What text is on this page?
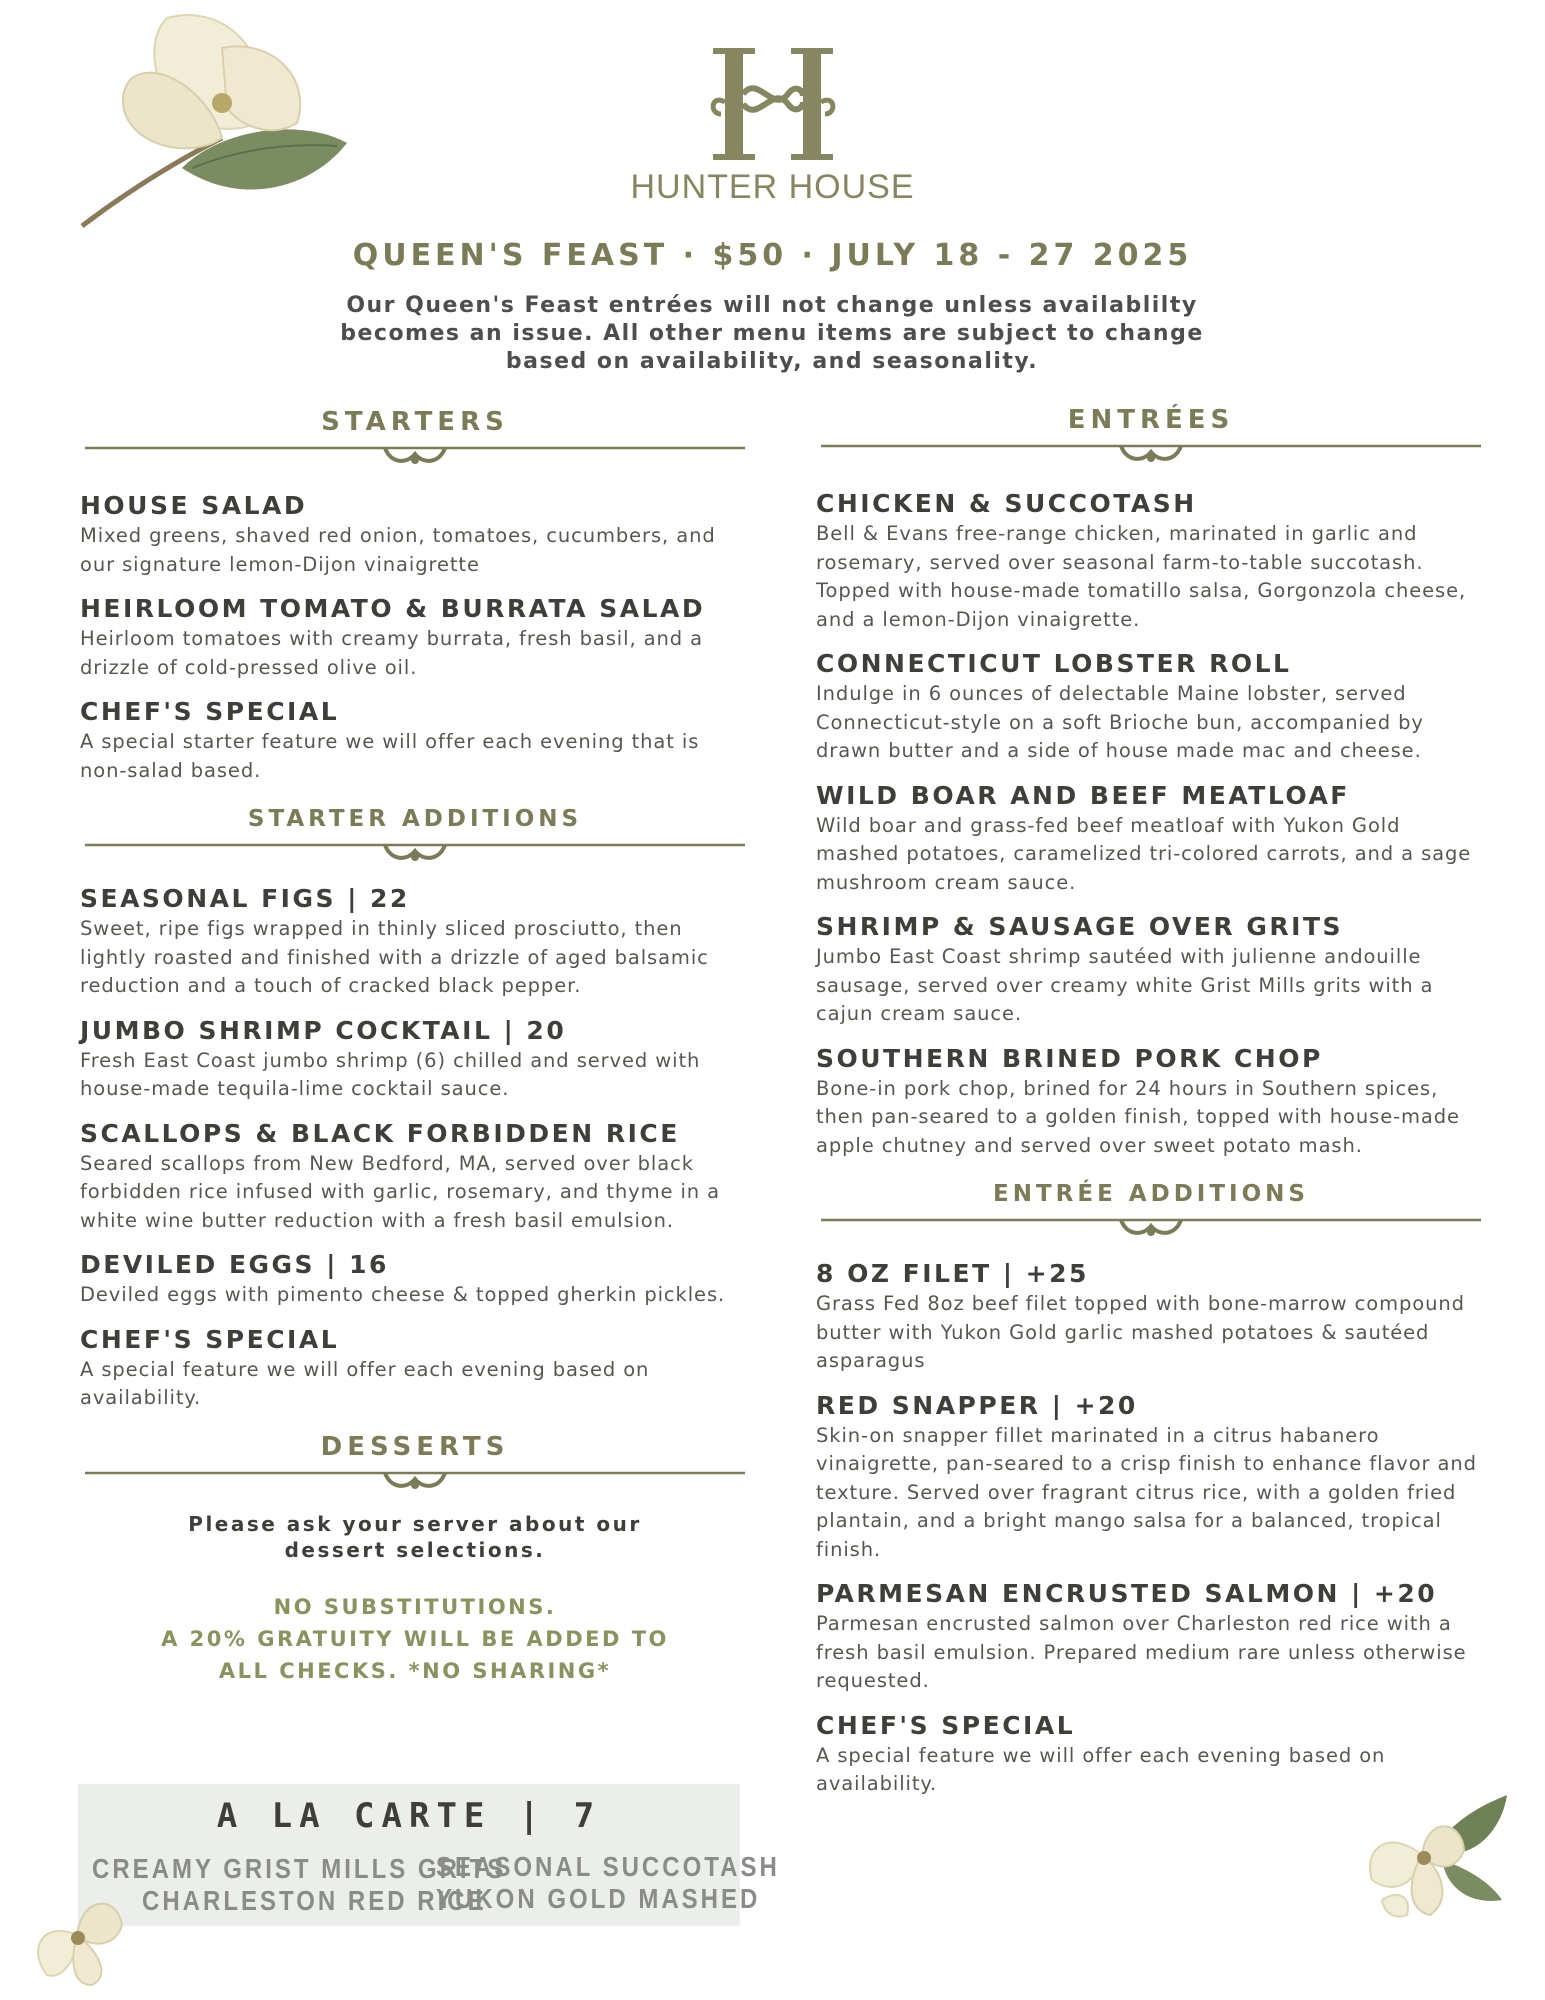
HUNTER HOUSE
QUEEN'S FEAST · $50 · JULY 18 - 27 2025
Our Queen's Feast entrées will not change unless availablilty becomes an issue. All other menu items are subject to change based on availability, and seasonality.
STARTERS
HOUSE SALAD
Mixed greens, shaved red onion, tomatoes, cucumbers, and our signature lemon-Dijon vinaigrette
HEIRLOOM TOMATO & BURRATA SALAD
Heirloom tomatoes with creamy burrata, fresh basil, and a drizzle of cold-pressed olive oil.
CHEF'S SPECIAL
A special starter feature we will offer each evening that is non-salad based.
STARTER ADDITIONS
SEASONAL FIGS | 22
Sweet, ripe figs wrapped in thinly sliced prosciutto, then lightly roasted and finished with a drizzle of aged balsamic reduction and a touch of cracked black pepper.
JUMBO SHRIMP COCKTAIL | 20
Fresh East Coast jumbo shrimp (6) chilled and served with house-made tequila-lime cocktail sauce.
SCALLOPS & BLACK FORBIDDEN RICE
Seared scallops from New Bedford, MA, served over black forbidden rice infused with garlic, rosemary, and thyme in a white wine butter reduction with a fresh basil emulsion.
DEVILED EGGS | 16
Deviled eggs with pimento cheese & topped gherkin pickles.
CHEF'S SPECIAL
A special feature we will offer each evening based on availability.
DESSERTS
Please ask your server about our dessert selections.
NO SUBSTITUTIONS.
A 20% GRATUITY WILL BE ADDED TO ALL CHECKS. *NO SHARING*
A LA CARTE | 7
CREAMY GRIST MILLS GRITS
CHARLESTON RED RICE
SEASONAL SUCCOTASH
YUKON GOLD MASHED
ENTRÉES
CHICKEN & SUCCOTASH
Bell & Evans free-range chicken, marinated in garlic and rosemary, served over seasonal farm-to-table succotash. Topped with house-made tomatillo salsa, Gorgonzola cheese, and a lemon-Dijon vinaigrette.
CONNECTICUT LOBSTER ROLL
Indulge in 6 ounces of delectable Maine lobster, served Connecticut-style on a soft Brioche bun, accompanied by drawn butter and a side of house made mac and cheese.
WILD BOAR AND BEEF MEATLOAF
Wild boar and grass-fed beef meatloaf with Yukon Gold mashed potatoes, caramelized tri-colored carrots, and a sage mushroom cream sauce.
SHRIMP & SAUSAGE OVER GRITS
Jumbo East Coast shrimp sautéed with julienne andouille sausage, served over creamy white Grist Mills grits with a cajun cream sauce.
SOUTHERN BRINED PORK CHOP
Bone-in pork chop, brined for 24 hours in Southern spices, then pan-seared to a golden finish, topped with house-made apple chutney and served over sweet potato mash.
ENTRÉE ADDITIONS
8 OZ FILET | +25
Grass Fed 8oz beef filet topped with bone-marrow compound butter with Yukon Gold garlic mashed potatoes & sautéed asparagus
RED SNAPPER | +20
Skin-on snapper fillet marinated in a citrus habanero vinaigrette, pan-seared to a crisp finish to enhance flavor and texture. Served over fragrant citrus rice, with a golden fried plantain, and a bright mango salsa for a balanced, tropical finish.
PARMESAN ENCRUSTED SALMON | +20
Parmesan encrusted salmon over Charleston red rice with a fresh basil emulsion. Prepared medium rare unless otherwise requested.
CHEF'S SPECIAL
A special feature we will offer each evening based on availability.
